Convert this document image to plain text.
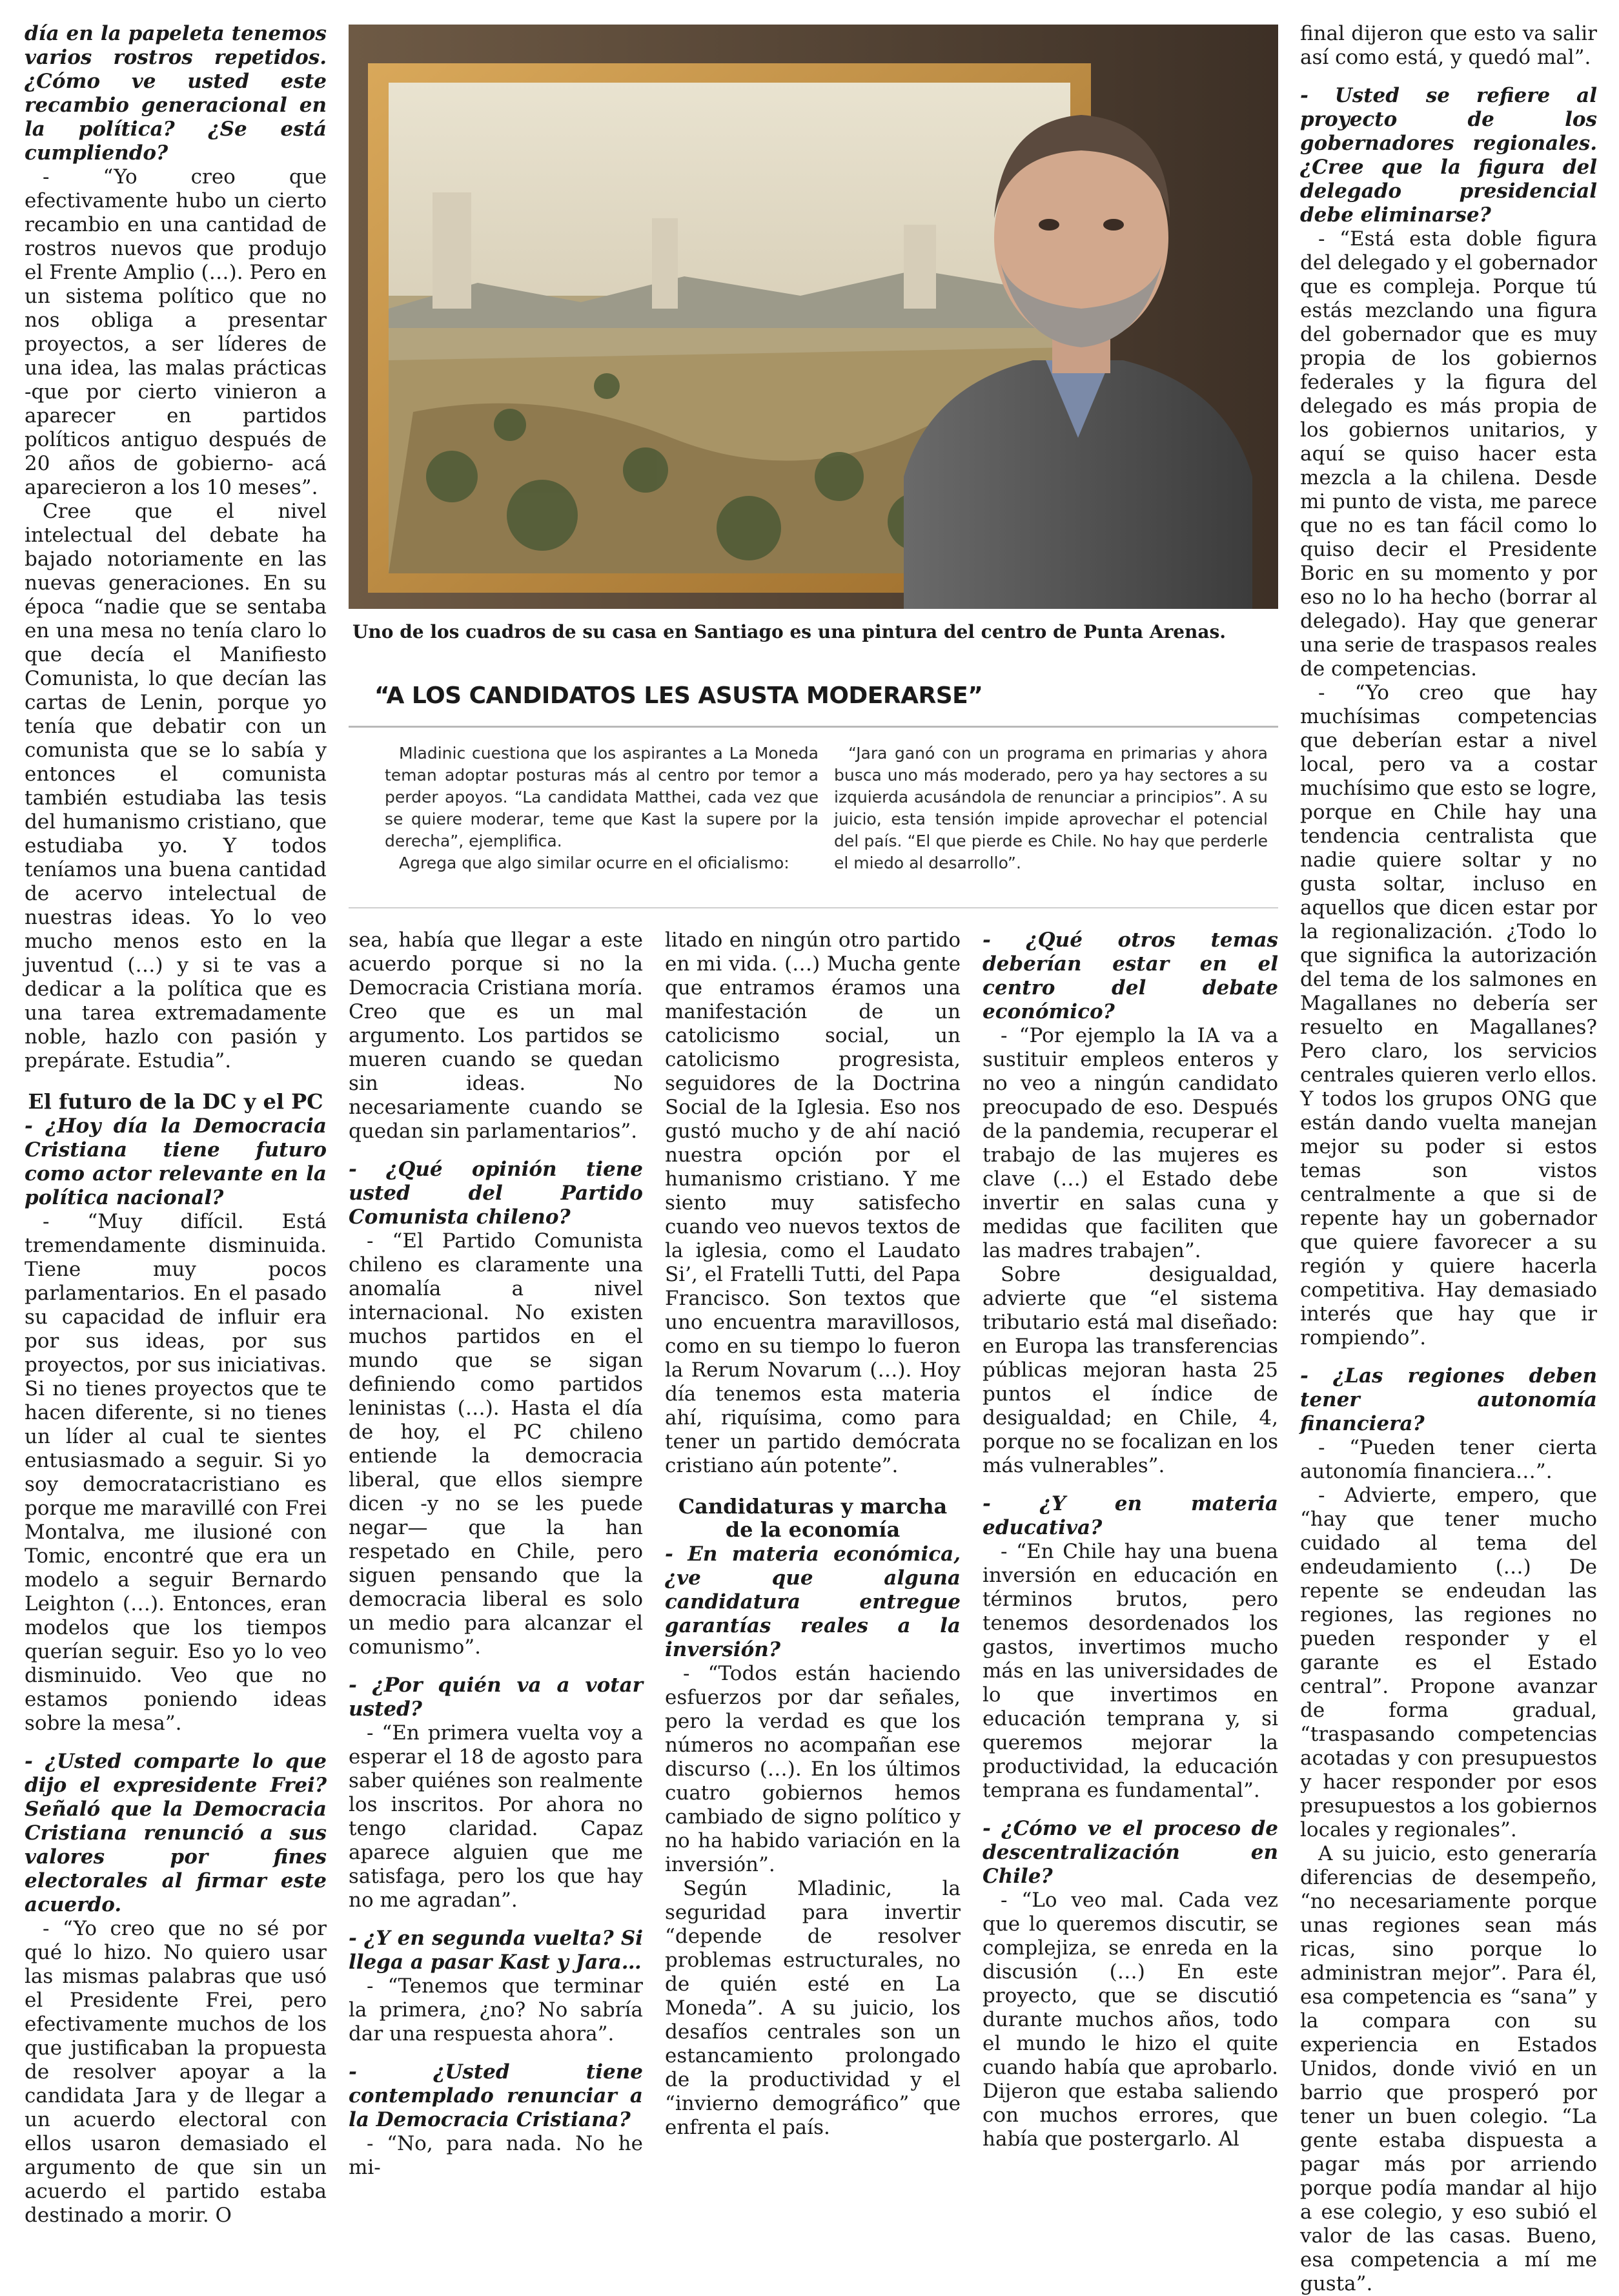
día en la papeleta tenemos varios rostros repetidos. ¿Cómo ve usted este recambio generacional en la política? ¿Se está cumpliendo?

- “Yo creo que efectivamente hubo un cierto recambio en una cantidad de rostros nuevos que produjo el Frente Amplio (…). Pero en un sistema político que no nos obliga a presentar proyectos, a ser líderes de una idea, las malas prácticas -que por cierto vinieron a aparecer en partidos políticos antiguo después de 20 años de gobierno- acá aparecieron a los 10 meses”.

Cree que el nivel intelectual del debate ha bajado notoriamente en las nuevas generaciones. En su época “nadie que se sentaba en una mesa no tenía claro lo que decía el Manifiesto Comunista, lo que decían las cartas de Lenin, porque yo tenía que debatir con un comunista que se lo sabía y entonces el comunista también estudiaba las tesis del humanismo cristiano, que estudiaba yo. Y todos teníamos una buena cantidad de acervo intelectual de nuestras ideas. Yo lo veo mucho menos esto en la juventud (…) y si te vas a dedicar a la política que es una tarea extremadamente noble, hazlo con pasión y prepárate. Estudia”.

El futuro de la DC y el PC

- ¿Hoy día la Democracia Cristiana tiene futuro como actor relevante en la política nacional?

- “Muy difícil. Está tremendamente disminuida. Tiene muy pocos parlamentarios. En el pasado su capacidad de influir era por sus ideas, por sus proyectos, por sus iniciativas. Si no tienes proyectos que te hacen diferente, si no tienes un líder al cual te sientes entusiasmado a seguir. Si yo soy democratacristiano es porque me maravillé con Frei Montalva, me ilusioné con Tomic, encontré que era un modelo a seguir Bernardo Leighton (…). Entonces, eran modelos que los tiempos querían seguir. Eso yo lo veo disminuido. Veo que no estamos poniendo ideas sobre la mesa”.

- ¿Usted comparte lo que dijo el expresidente Frei? Señaló que la Democracia Cristiana renunció a sus valores por fines electorales al firmar este acuerdo.

- “Yo creo que no sé por qué lo hizo. No quiero usar las mismas palabras que usó el Presidente Frei, pero efectivamente muchos de los que justificaban la propuesta de resolver apoyar a la candidata Jara y de llegar a un acuerdo electoral con ellos usaron demasiado el argumento de que sin un acuerdo el partido estaba destinado a morir. O

Uno de los cuadros de su casa en Santiago es una pintura del centro de Punta Arenas.
“A LOS CANDIDATOS LES ASUSTA MODERARSE”

Mladinic cuestiona que los aspirantes a La Moneda teman adoptar posturas más al centro por temor a perder apoyos. “La candidata Matthei, cada vez que se quiere moderar, teme que Kast la supere por la derecha”, ejemplifica.

Agrega que algo similar ocurre en el oficialismo:

“Jara ganó con un programa en primarias y ahora busca uno más moderado, pero ya hay sectores a su izquierda acusándola de renunciar a principios”. A su juicio, esta tensión impide aprovechar el potencial del país. “El que pierde es Chile. No hay que perderle el miedo al desarrollo”.

sea, había que llegar a este acuerdo porque si no la Democracia Cristiana moría. Creo que es un mal argumento. Los partidos se mueren cuando se quedan sin ideas. No necesariamente cuando se quedan sin parlamentarios”.

- ¿Qué opinión tiene usted del Partido Comunista chileno?

- “El Partido Comunista chileno es claramente una anomalía a nivel internacional. No existen muchos partidos en el mundo que se sigan definiendo como partidos leninistas (…). Hasta el día de hoy, el PC chileno entiende la democracia liberal, que ellos siempre dicen -y no se les puede negar— que la han respetado en Chile, pero siguen pensando que la democracia liberal es solo un medio para alcanzar el comunismo”.

- ¿Por quién va a votar usted?

- “En primera vuelta voy a esperar el 18 de agosto para saber quiénes son realmente los inscritos. Por ahora no tengo claridad. Capaz aparece alguien que me satisfaga, pero los que hay no me agradan”.

- ¿Y en segunda vuelta? Si llega a pasar Kast y Jara…

- “Tenemos que terminar la primera, ¿no? No sabría dar una respuesta ahora”.

- ¿Usted tiene contemplado renunciar a la Democracia Cristiana?

- “No, para nada. No he mi-

litado en ningún otro partido en mi vida. (…) Mucha gente que entramos éramos una manifestación de un catolicismo social, un catolicismo progresista, seguidores de la Doctrina Social de la Iglesia. Eso nos gustó mucho y de ahí nació nuestra opción por el humanismo cristiano. Y me siento muy satisfecho cuando veo nuevos textos de la iglesia, como el Laudato Si’, el Fratelli Tutti, del Papa Francisco. Son textos que uno encuentra maravillosos, como en su tiempo lo fueron la Rerum Novarum (…). Hoy día tenemos esta materia ahí, riquísima, como para tener un partido demócrata cristiano aún potente”.

Candidaturas y marcha de la economía

- En materia económica, ¿ve que alguna candidatura entregue garantías reales a la inversión?

- “Todos están haciendo esfuerzos por dar señales, pero la verdad es que los números no acompañan ese discurso (…). En los últimos cuatro gobiernos hemos cambiado de signo político y no ha habido variación en la inversión”.

Según Mladinic, la seguridad para invertir “depende de resolver problemas estructurales, no de quién esté en La Moneda”. A su juicio, los desafíos centrales son un estancamiento prolongado de la productividad y el “invierno demográfico” que enfrenta el país.

- ¿Qué otros temas deberían estar en el centro del debate económico?

- “Por ejemplo la IA va a sustituir empleos enteros y no veo a ningún candidato preocupado de eso. Después de la pandemia, recuperar el trabajo de las mujeres es clave (…) el Estado debe invertir en salas cuna y medidas que faciliten que las madres trabajen”.

Sobre desigualdad, advierte que “el sistema tributario está mal diseñado: en Europa las transferencias públicas mejoran hasta 25 puntos el índice de desigualdad; en Chile, 4, porque no se focalizan en los más vulnerables”.

- ¿Y en materia educativa?

- “En Chile hay una buena inversión en educación en términos brutos, pero tenemos desordenados los gastos, invertimos mucho más en las universidades de lo que invertimos en educación temprana y, si queremos mejorar la productividad, la educación temprana es fundamental”.

- ¿Cómo ve el proceso de descentralización en Chile?

- “Lo veo mal. Cada vez que lo queremos discutir, se complejiza, se enreda en la discusión (…) En este proyecto, que se discutió durante muchos años, todo el mundo le hizo el quite cuando había que aprobarlo. Dijeron que estaba saliendo con muchos errores, que había que postergarlo. Al

final dijeron que esto va salir así como está, y quedó mal”.

- Usted se refiere al proyecto de los gobernadores regionales. ¿Cree que la figura del delegado presidencial debe eliminarse?

- “Está esta doble figura del delegado y el gobernador que es compleja. Porque tú estás mezclando una figura del gobernador que es muy propia de los gobiernos federales y la figura del delegado es más propia de los gobiernos unitarios, y aquí se quiso hacer esta mezcla a la chilena. Desde mi punto de vista, me parece que no es tan fácil como lo quiso decir el Presidente Boric en su momento y por eso no lo ha hecho (borrar al delegado). Hay que generar una serie de traspasos reales de competencias.

- “Yo creo que hay muchísimas competencias que deberían estar a nivel local, pero va a costar muchísimo que esto se logre, porque en Chile hay una tendencia centralista que nadie quiere soltar y no gusta soltar, incluso en aquellos que dicen estar por la regionalización. ¿Todo lo que significa la autorización del tema de los salmones en Magallanes no debería ser resuelto en Magallanes? Pero claro, los servicios centrales quieren verlo ellos. Y todos los grupos ONG que están dando vuelta manejan mejor su poder si estos temas son vistos centralmente a que si de repente hay un gobernador que quiere favorecer a su región y quiere hacerla competitiva. Hay demasiado interés que hay que ir rompiendo”.

- ¿Las regiones deben tener autonomía financiera?

- “Pueden tener cierta autonomía financiera…”.

- Advierte, empero, que “hay que tener mucho cuidado al tema del endeudamiento (…) De repente se endeudan las regiones, las regiones no pueden responder y el garante es el Estado central”. Propone avanzar de forma gradual, “traspasando competencias acotadas y con presupuestos y hacer responder por esos presupuestos a los gobiernos locales y regionales”.

A su juicio, esto generaría diferencias de desempeño, “no necesariamente porque unas regiones sean más ricas, sino porque lo administran mejor”. Para él, esa competencia es “sana” y la compara con su experiencia en Estados Unidos, donde vivió en un barrio que prosperó por tener un buen colegio. “La gente estaba dispuesta a pagar más por arriendo porque podía mandar al hijo a ese colegio, y eso subió el valor de las casas. Bueno, esa competencia a mí me gusta”.
